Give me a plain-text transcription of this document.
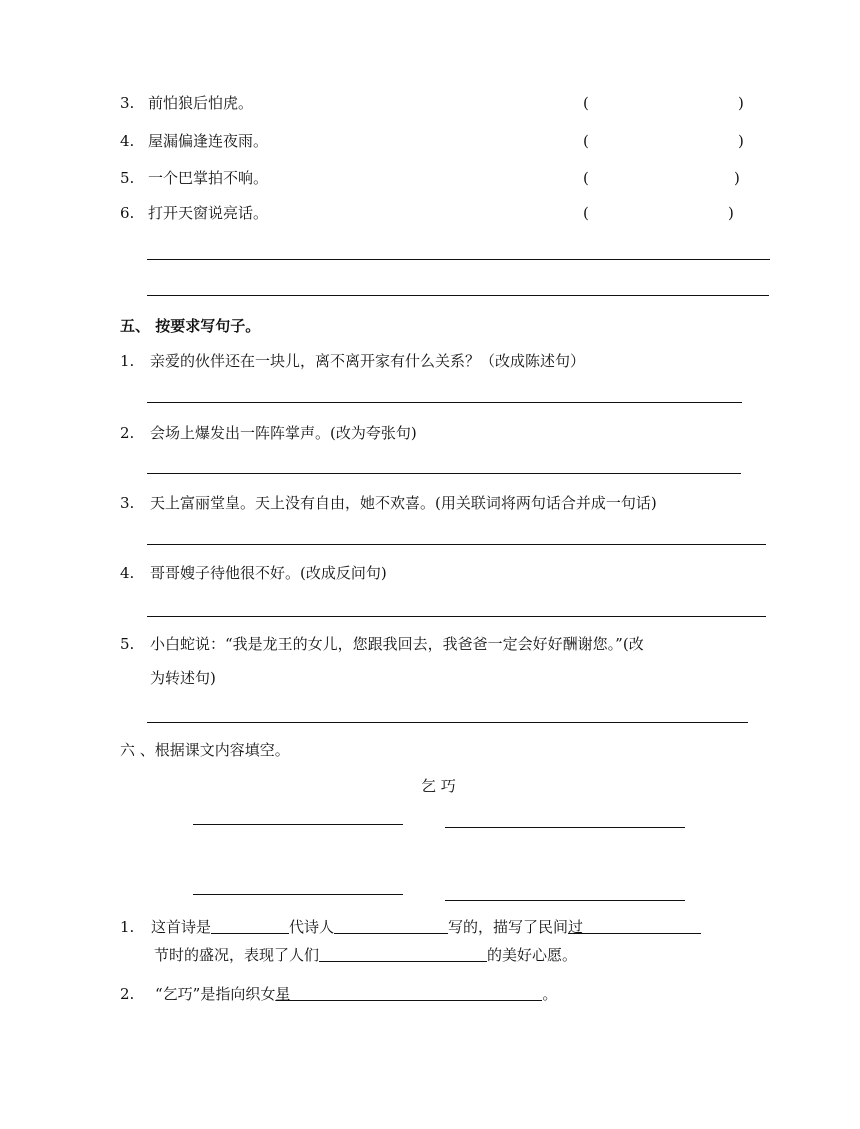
3. 前怕狼后怕虎。	(	)
4. 屋漏偏逢连夜雨。	(	)
5. 一个巴掌拍不响。	(	)
6. 打开天窗说亮话。	(	)
五、 按要求写句子。
1.	亲爱的伙伴还在一块儿，离不离开家有什么关系？（改成陈述句）
2.	会场上爆发出一阵阵掌声。(改为夸张句)
3.	天上富丽堂皇。天上没有自由，她不欢喜。(用关联词将两句话合并成一句话)
4.	哥哥嫂子待他很不好。(改成反问句)
5.	小白蛇说：“我是龙王的女儿，您跟我回去，我爸爸一定会好好酬谢您。”(改
为转述句)
六 、根据课文内容填空。
乞 巧
1.	这首诗是	代诗人	写的，描写了民间过
节时的盛况，表现了人们	的美好心愿。
2.	“乞巧”是指向织女星	。
